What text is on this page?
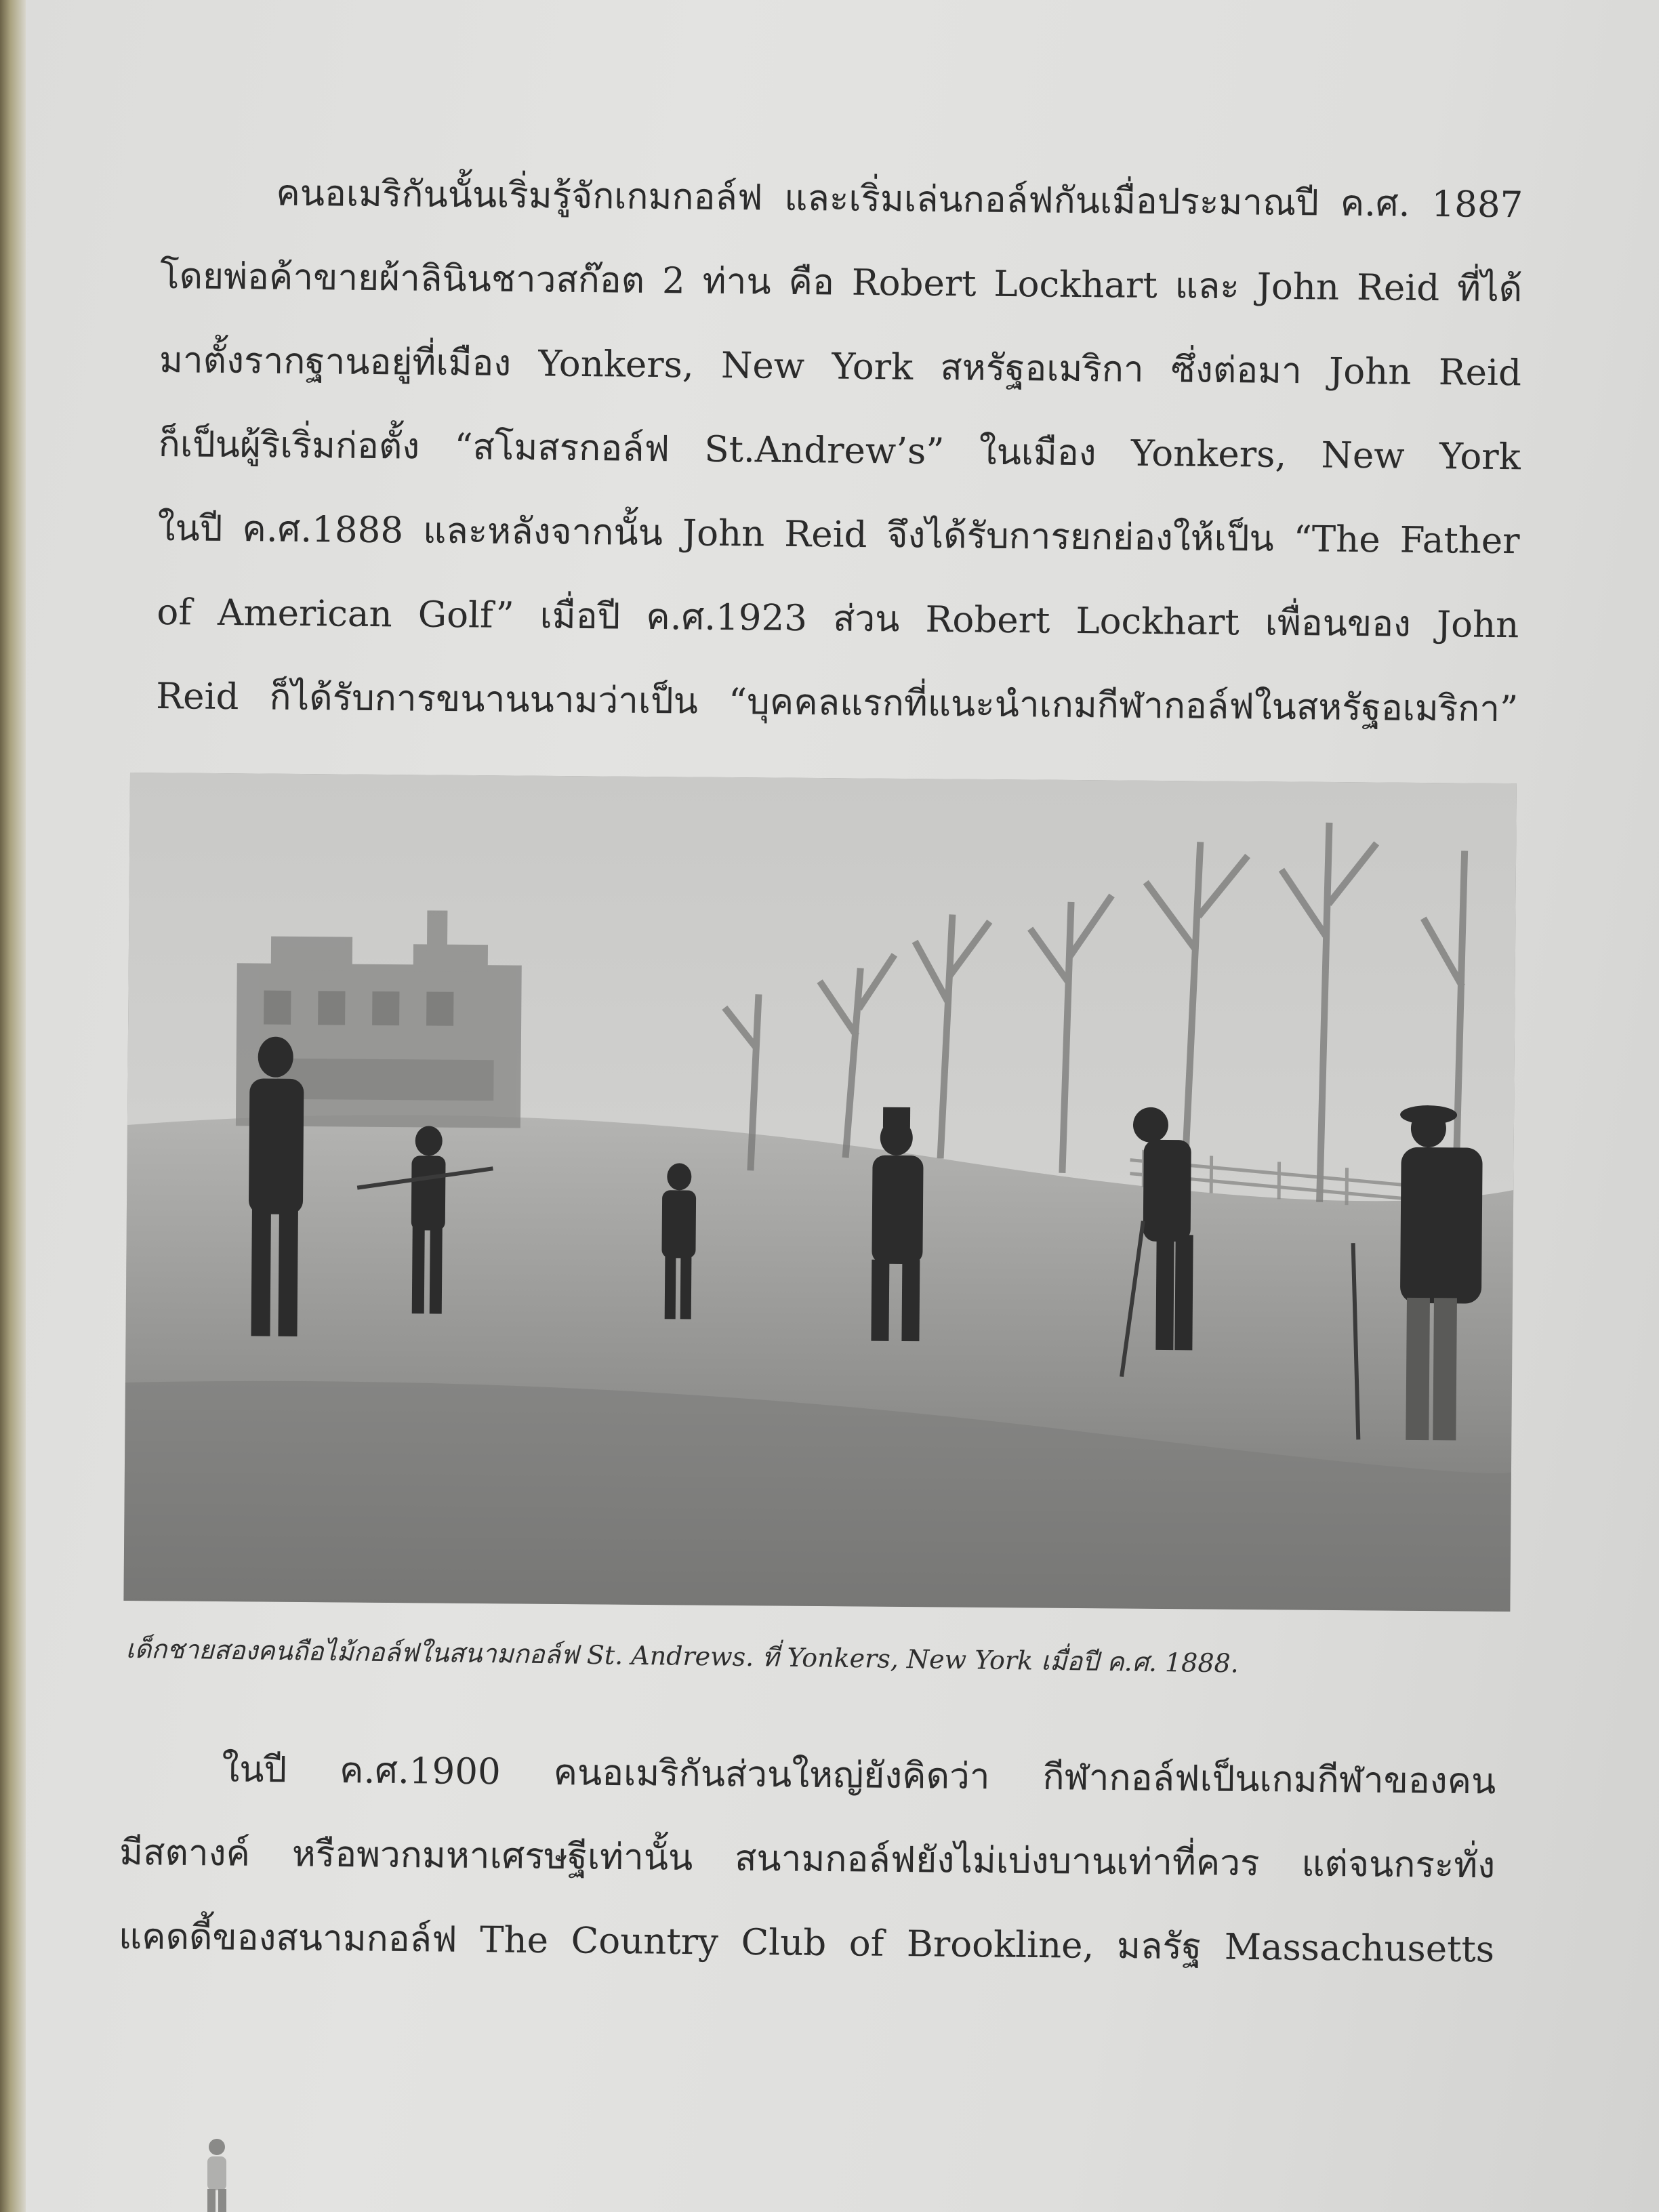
คนอเมริกันนั้นเริ่มรู้จักเกมกอล์ฟ และเริ่มเล่นกอล์ฟกันเมื่อประมาณปี ค.ศ. 1887
โดยพ่อค้าขายผ้าลินินชาวสก๊อต 2 ท่าน คือ Robert Lockhart และ John Reid ที่ได้
มาตั้งรากฐานอยู่ที่เมือง Yonkers, New York สหรัฐอเมริกา ซึ่งต่อมา John Reid
ก็เป็นผู้ริเริ่มก่อตั้ง “สโมสรกอล์ฟ St.Andrew’s” ในเมือง Yonkers, New York
ในปี ค.ศ.1888 และหลังจากนั้น John Reid จึงได้รับการยกย่องให้เป็น “The Father
of American Golf” เมื่อปี ค.ศ.1923 ส่วน Robert Lockhart เพื่อนของ John
Reid ก็ได้รับการขนานนามว่าเป็น “บุคคลแรกที่แนะนำเกมกีฬากอล์ฟในสหรัฐอเมริกา”

เด็กชายสองคนถือไม้กอล์ฟในสนามกอล์ฟ St. Andrews. ที่ Yonkers, New York เมื่อปี ค.ศ. 1888.

ในปี ค.ศ.1900 คนอเมริกันส่วนใหญ่ยังคิดว่า กีฬากอล์ฟเป็นเกมกีฬาของคน
มีสตางค์ หรือพวกมหาเศรษฐีเท่านั้น สนามกอล์ฟยังไม่เบ่งบานเท่าที่ควร แต่จนกระทั่ง
แคดดี้ของสนามกอล์ฟ The Country Club of Brookline, มลรัฐ Massachusetts
